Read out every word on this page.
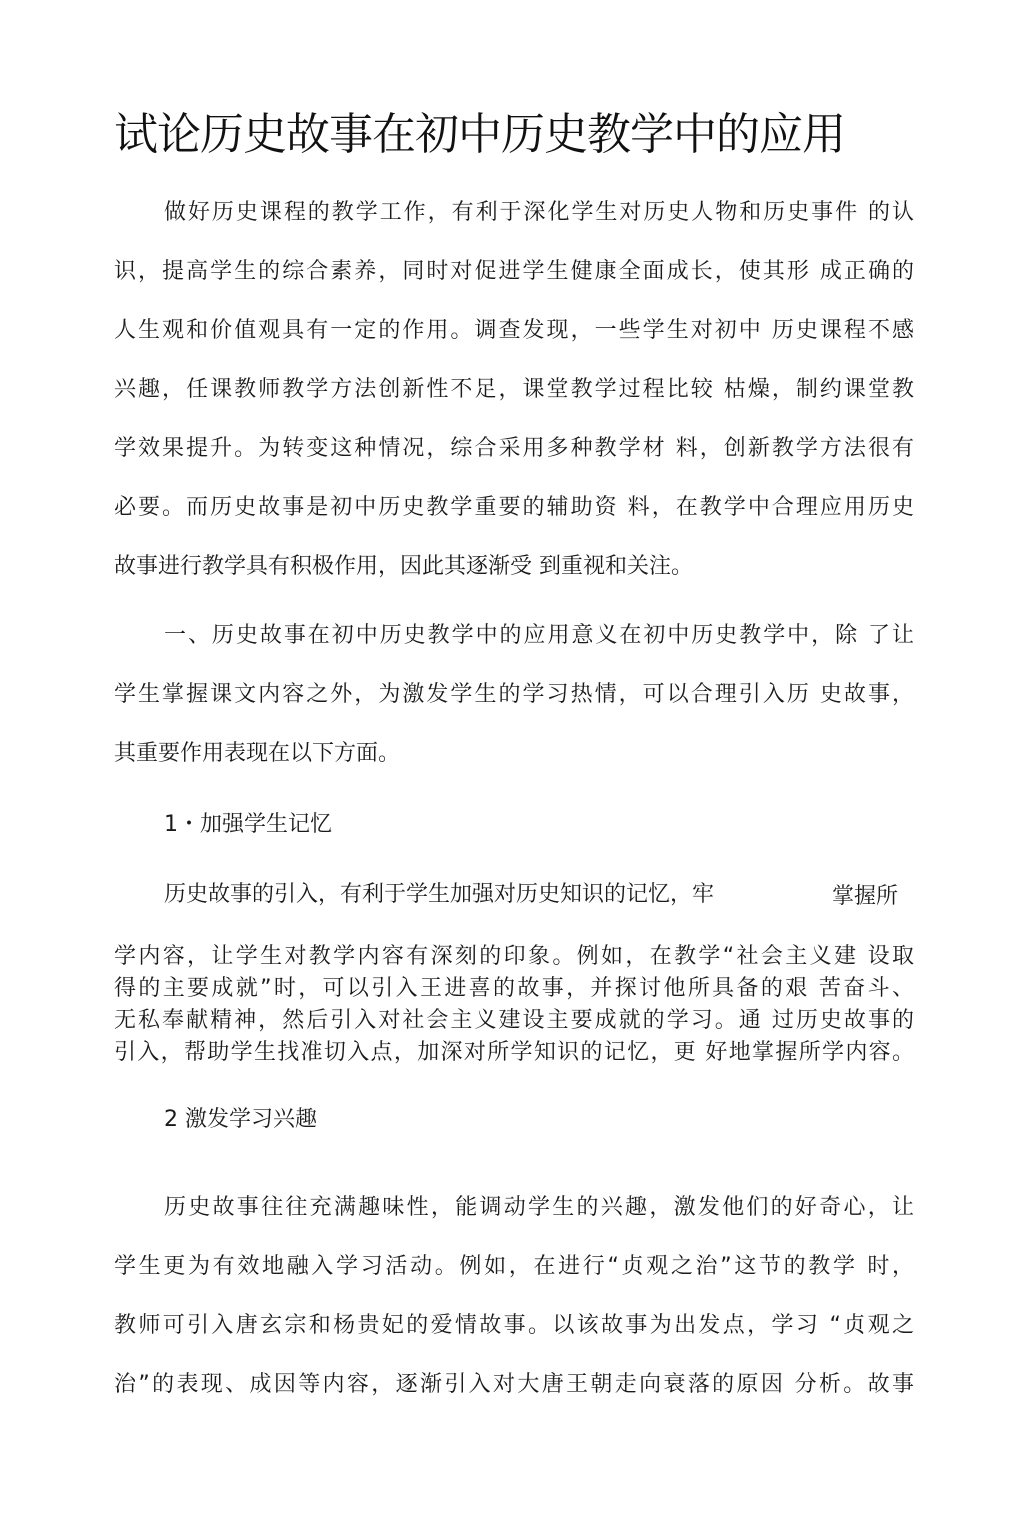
试论历史故事在初中历史教学中的应用

做好历史课程的教学工作，有利于深化学生对历史人物和历史事件 的认

识，提高学生的综合素养，同时对促进学生健康全面成长，使其形 成正确的

人生观和价值观具有一定的作用。调查发现，一些学生对初中 历史课程不感

兴趣，任课教师教学方法创新性不足，课堂教学过程比较 枯燥，制约课堂教

学效果提升。为转变这种情况，综合采用多种教学材 料，创新教学方法很有

必要。而历史故事是初中历史教学重要的辅助资 料，在教学中合理应用历史

故事进行教学具有积极作用，因此其逐渐受 到重视和关注。

一、历史故事在初中历史教学中的应用意义在初中历史教学中，除 了让

学生掌握课文内容之外，为激发学生的学习热情，可以合理引入历 史故事，

其重要作用表现在以下方面。

1・加强学生记忆

历史故事的引入，有利于学生加强对历史知识的记忆，牢	掌握所

学内容，让学生对教学内容有深刻的印象。例如，在教学“社会主义建 设取

得的主要成就”时，可以引入王进喜的故事，并探讨他所具备的艰 苦奋斗、

无私奉献精神，然后引入对社会主义建设主要成就的学习。通 过历史故事的

引入，帮助学生找准切入点，加深对所学知识的记忆，更 好地掌握所学内容。

2 激发学习兴趣

历史故事往往充满趣味性，能调动学生的兴趣，激发他们的好奇心，让

学生更为有效地融入学习活动。例如，在进行“贞观之治”这节的教学 时，

教师可引入唐玄宗和杨贵妃的爱情故事。以该故事为出发点，学习 “贞观之

治”的表现、成因等内容，逐渐引入对大唐王朝走向衰落的原因 分析。故事
